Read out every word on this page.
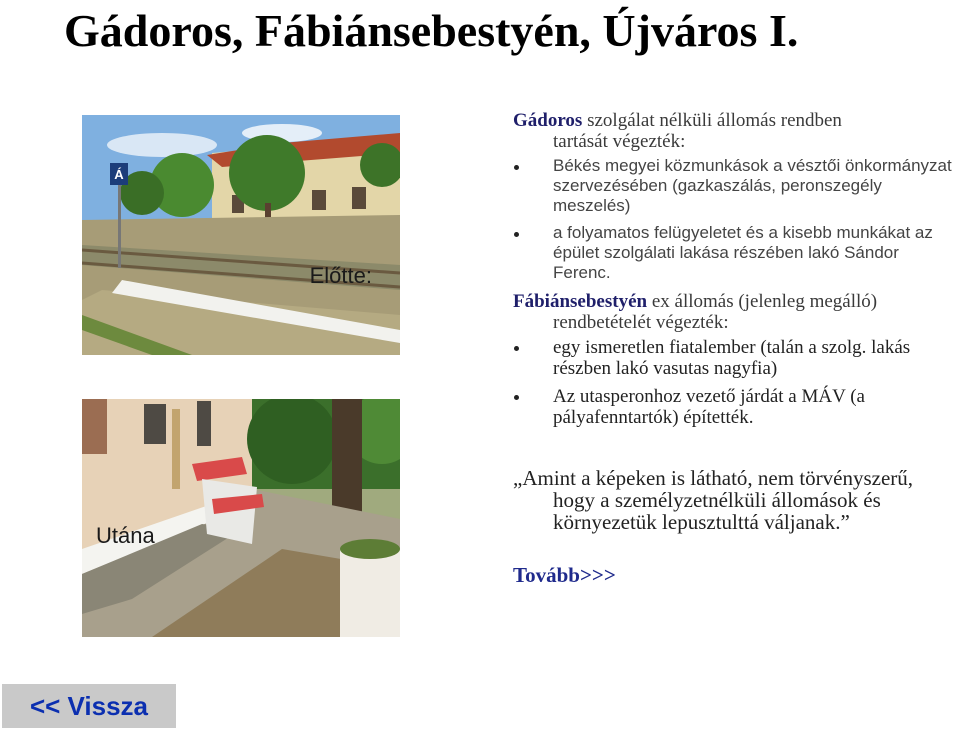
Gádoros, Fábiánsebestyén, Újváros I.
Á
Előtte:
Utána

Gádoros szolgálat nélküli állomás rendben
tartását végezték:

Békés megyei közmunkások a vésztői önkormányzat szervezésében (gazkaszálás, peronszegély meszelés)
a folyamatos felügyeletet és a kisebb munkákat az épület szolgálati lakása részében lakó Sándor Ferenc.

Fábiánsebestyén ex állomás (jelenleg megálló)
rendbetételét végezték:

egy ismeretlen fiatalember (talán a szolg. lakás részben lakó vasutas nagyfia)
Az utasperonhoz vezető járdát a MÁV (a pályafenntartók) építették.
„Amint a képeken is látható, nem törvényszerű,
hogy a személyzetnélküli állomások és
környezetük lepusztulttá váljanak.”
Tovább>>>
<< Vissza
